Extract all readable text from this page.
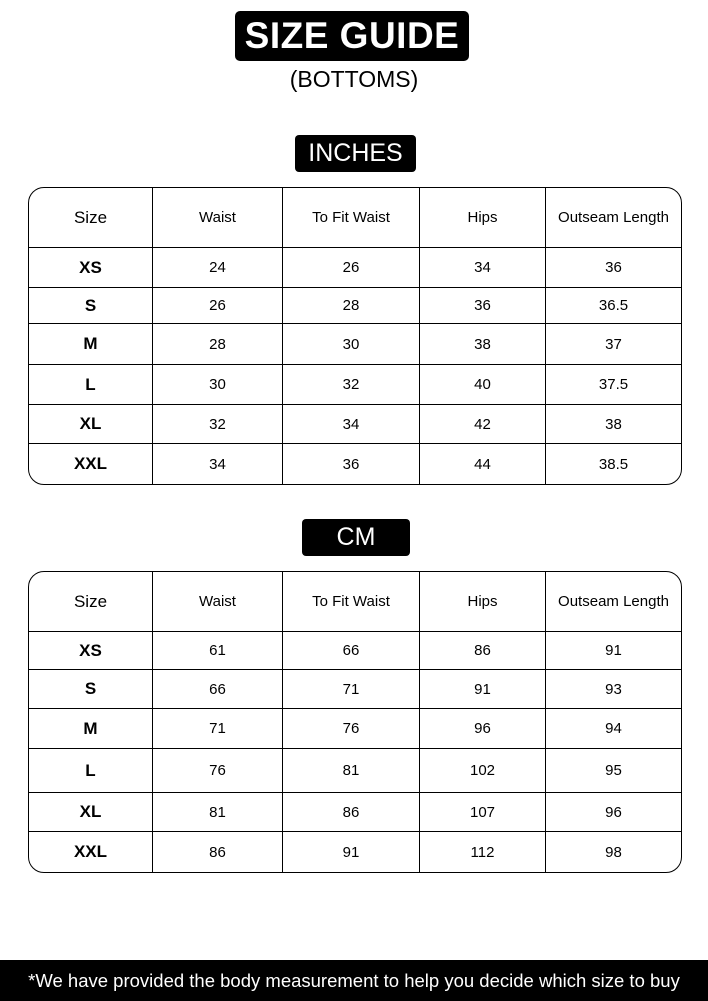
SIZE GUIDE
(BOTTOMS)
INCHES
Size	Waist	To Fit Waist	Hips	Outseam Length
XS	24	26	34	36
S	26	28	36	36.5
M	28	30	38	37
L	30	32	40	37.5
XL	32	34	42	38
XXL	34	36	44	38.5
CM
Size	Waist	To Fit Waist	Hips	Outseam Length
XS	61	66	86	91
S	66	71	91	93
M	71	76	96	94
L	76	81	102	95
XL	81	86	107	96
XXL	86	91	112	98
*We have provided the body measurement to help you decide which size to buy
